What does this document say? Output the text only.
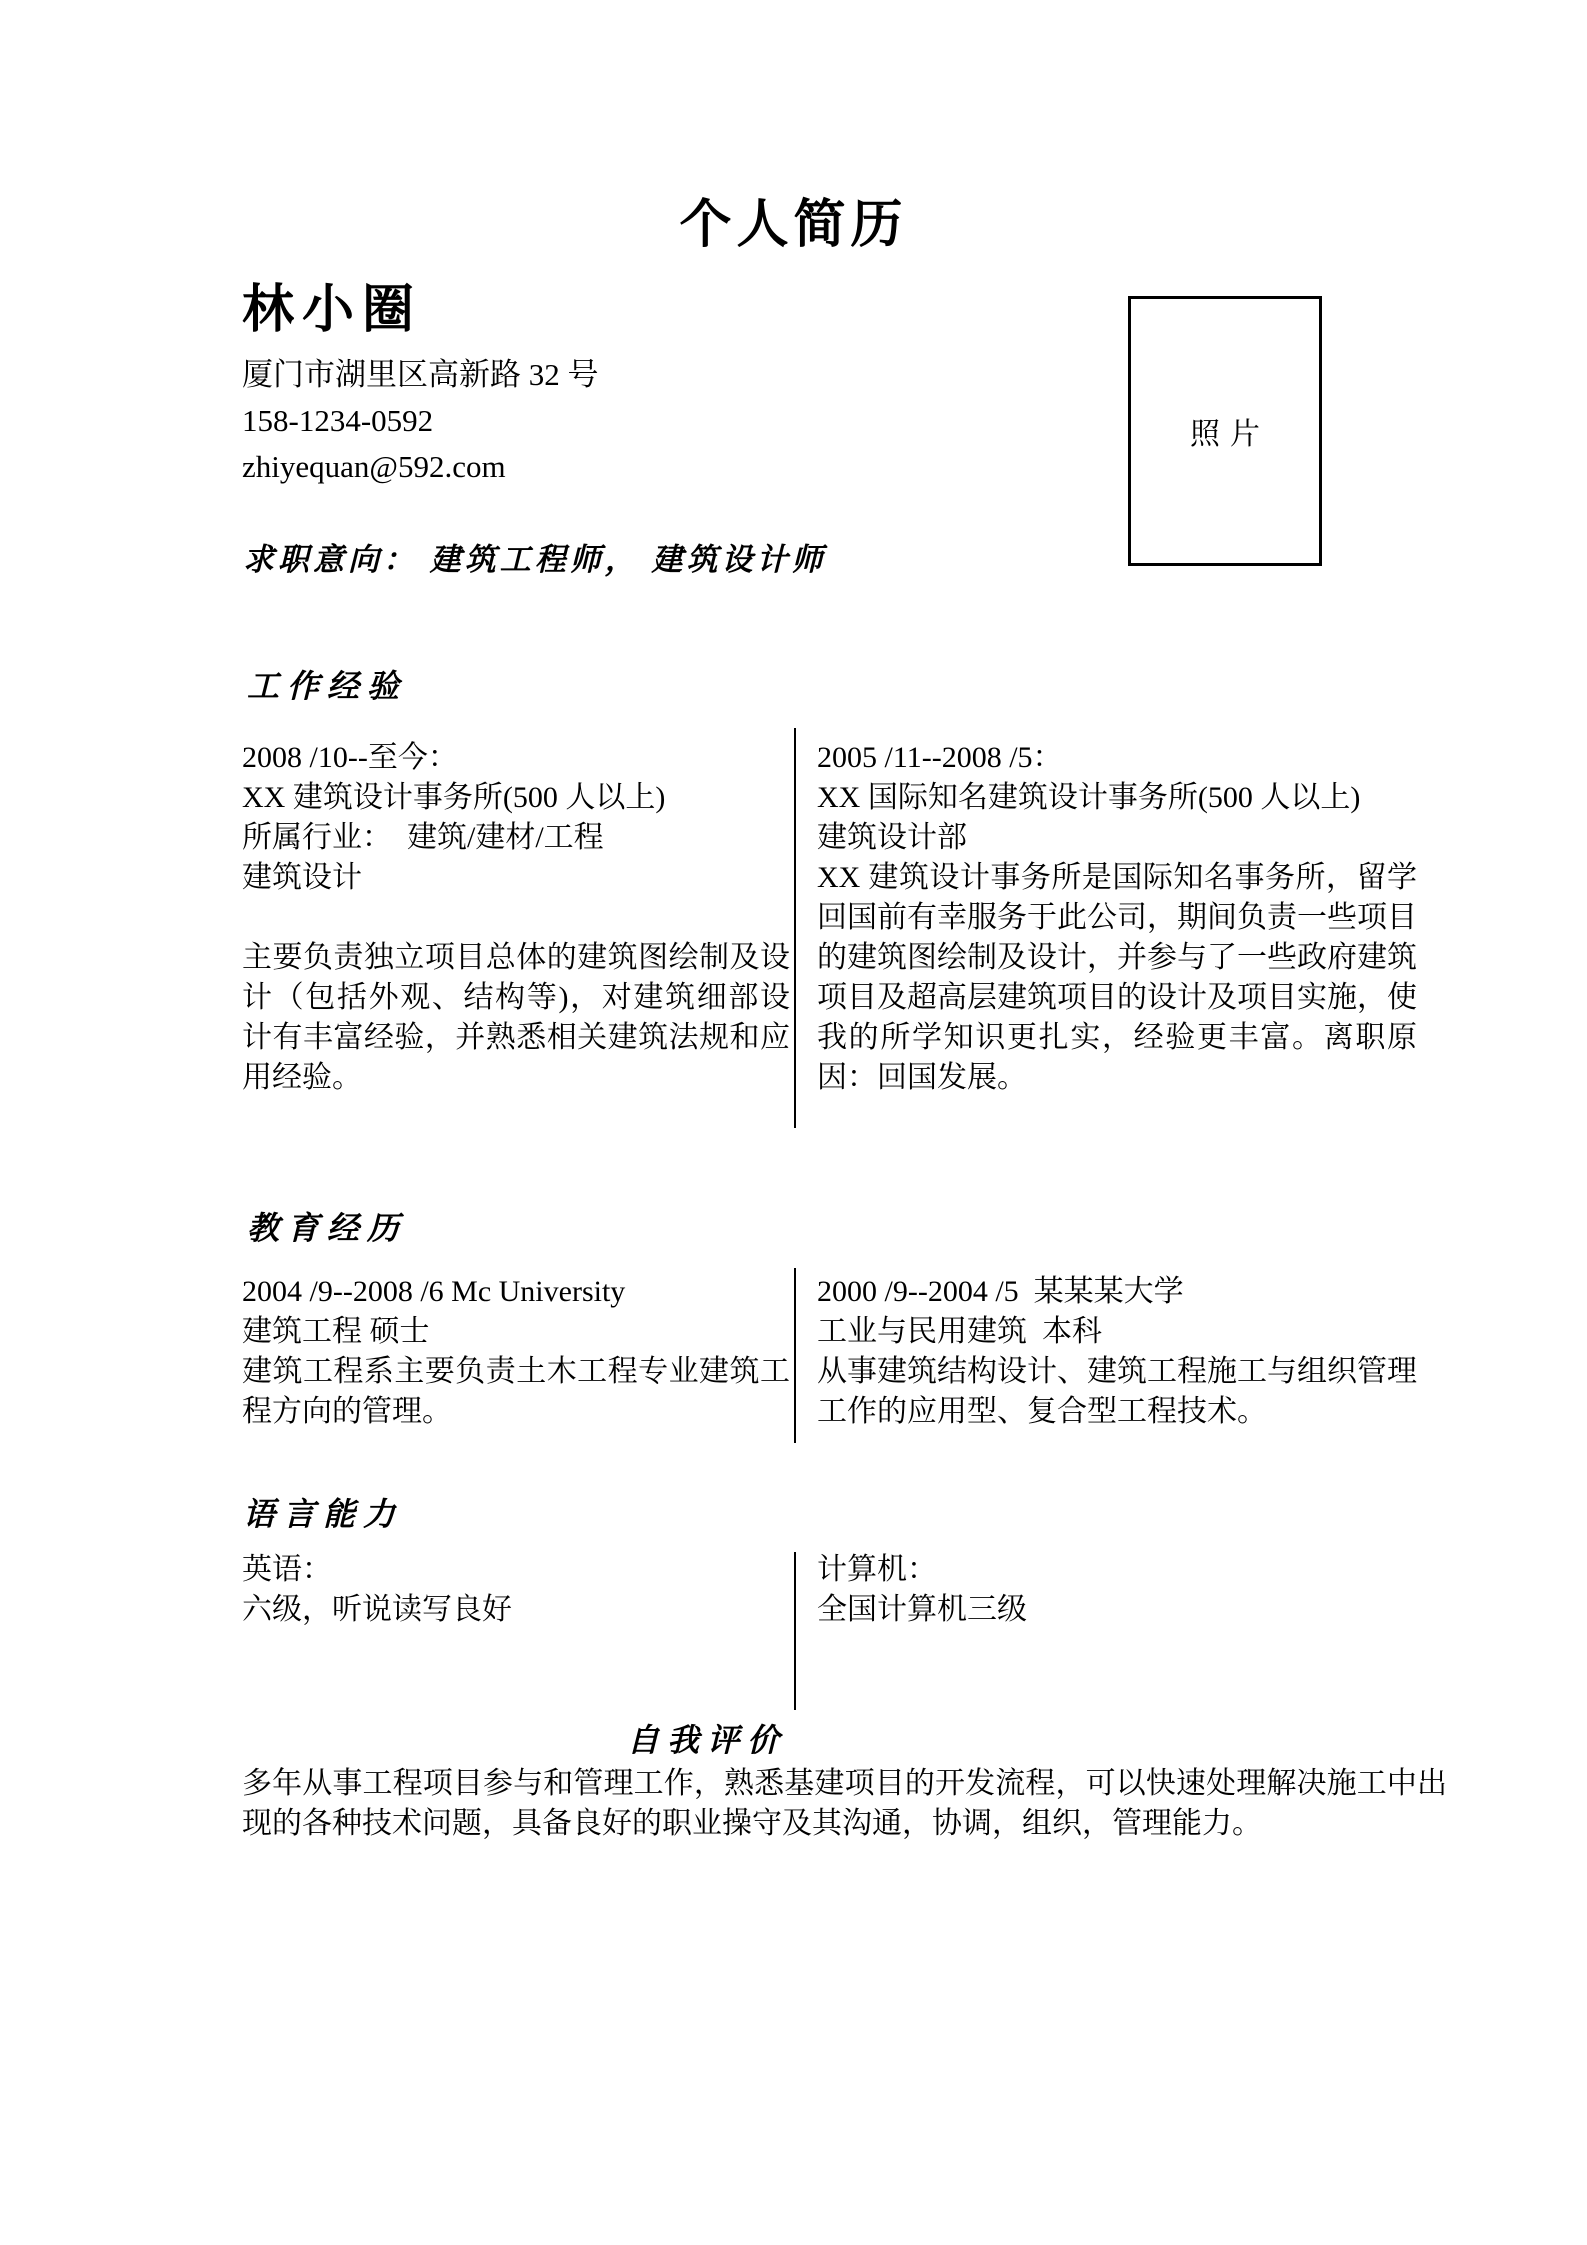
个人简历
林小圈
厦门市湖里区高新路 32 号
158-1234-0592
zhiyequan@592.com
照片
求职意向： 建筑工程师， 建筑设计师
工作经验
2008 /10--至今：
XX 建筑设计事务所(500 人以上)
所属行业：　建筑/建材/工程
建筑设计
主要负责独立项目总体的建筑图绘制及设计（包括外观、结构等)，对建筑细部设计有丰富经验，并熟悉相关建筑法规和应用经验。
2005 /11--2008 /5：
XX 国际知名建筑设计事务所(500 人以上)
建筑设计部
XX 建筑设计事务所是国际知名事务所，留学回国前有幸服务于此公司，期间负责一些项目的建筑图绘制及设计，并参与了一些政府建筑项目及超高层建筑项目的设计及项目实施，使我的所学知识更扎实，经验更丰富。离职原因：回国发展。
教育经历
2004 /9--2008 /6 Mc University
建筑工程 硕士
建筑工程系主要负责土木工程专业建筑工程方向的管理。
2000 /9--2004 /5  某某某大学
工业与民用建筑  本科
从事建筑结构设计、建筑工程施工与组织管理工作的应用型、复合型工程技术。
语言能力
英语：
六级，听说读写良好
计算机：
全国计算机三级
自我评价
多年从事工程项目参与和管理工作，熟悉基建项目的开发流程，可以快速处理解决施工中出现的各种技术问题，具备良好的职业操守及其沟通，协调，组织，管理能力。
